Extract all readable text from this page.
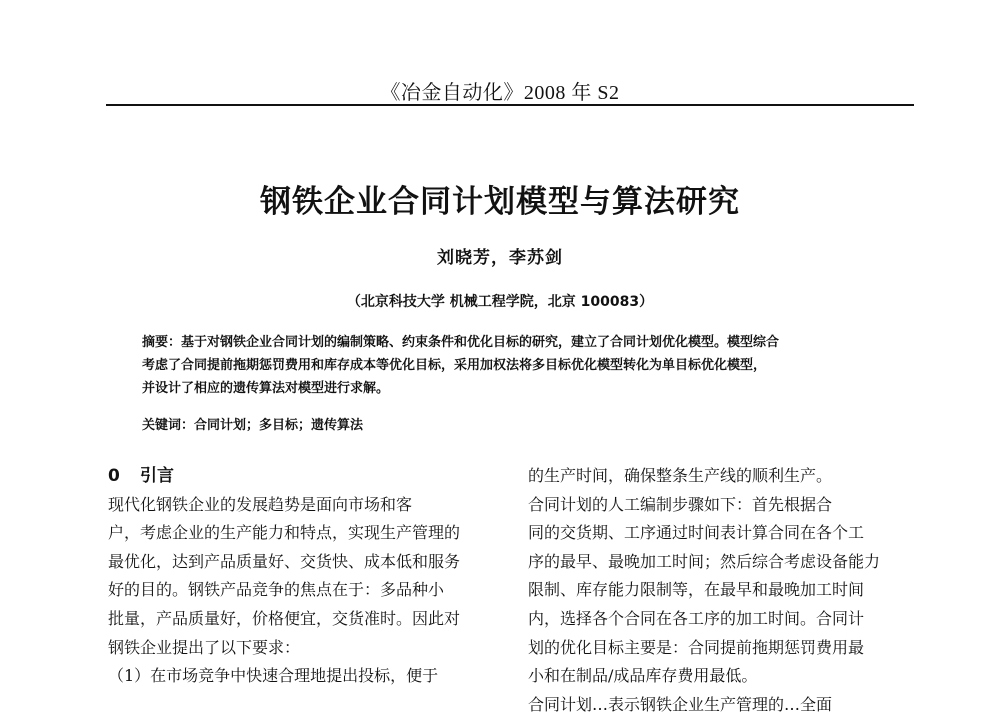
《冶金自动化》2008 年 S2
钢铁企业合同计划模型与算法研究
刘晓芳，李苏剑
（北京科技大学 机械工程学院，北京 100083）
摘要：基于对钢铁企业合同计划的编制策略、约束条件和优化目标的研究，建立了合同计划优化模型。模型综合
考虑了合同提前拖期惩罚费用和库存成本等优化目标，采用加权法将多目标优化模型转化为单目标优化模型，
并设计了相应的遗传算法对模型进行求解。
关键词：合同计划；多目标；遗传算法
0 引言
现代化钢铁企业的发展趋势是面向市场和客
户，考虑企业的生产能力和特点，实现生产管理的
最优化，达到产品质量好、交货快、成本低和服务
好的目的。钢铁产品竞争的焦点在于：多品种小
批量，产品质量好，价格便宜，交货准时。因此对
钢铁企业提出了以下要求：
（1）在市场竞争中快速合理地提出投标，便于
的生产时间，确保整条生产线的顺利生产。
合同计划的人工编制步骤如下：首先根据合
同的交货期、工序通过时间表计算合同在各个工
序的最早、最晚加工时间；然后综合考虑设备能力
限制、库存能力限制等，在最早和最晚加工时间
内，选择各个合同在各工序的加工时间。合同计
划的优化目标主要是：合同提前拖期惩罚费用最
小和在制品/成品库存费用最低。
合同计划…表示钢铁企业生产管理的…全面
